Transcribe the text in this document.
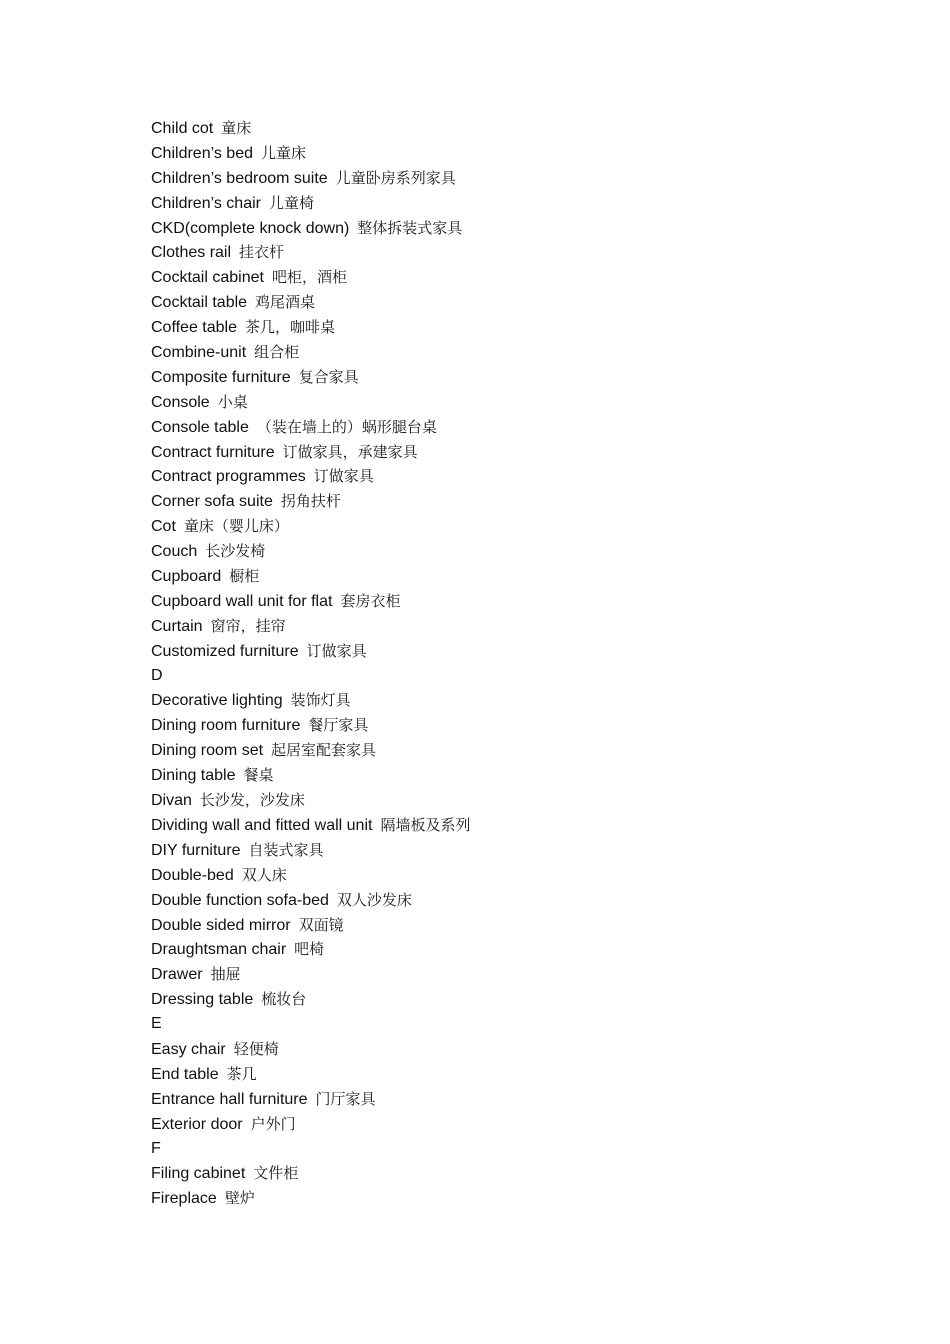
Child cot 童床
Children’s bed 儿童床
Children’s bedroom suite 儿童卧房系列家具
Children’s chair 儿童椅
CKD(complete knock down) 整体拆装式家具
Clothes rail 挂衣杆
Cocktail cabinet 吧柜，酒柜
Cocktail table 鸡尾酒桌
Coffee table 茶几，咖啡桌
Combine-unit 组合柜
Composite furniture 复合家具
Console 小桌
Console table （装在墙上的）蜗形腿台桌
Contract furniture 订做家具，承建家具
Contract programmes 订做家具
Corner sofa suite 拐角扶杆
Cot 童床（婴儿床）
Couch 长沙发椅
Cupboard 橱柜
Cupboard wall unit for flat 套房衣柜
Curtain 窗帘，挂帘
Customized furniture 订做家具
D
Decorative lighting 装饰灯具
Dining room furniture 餐厅家具
Dining room set 起居室配套家具
Dining table 餐桌
Divan 长沙发，沙发床
Dividing wall and fitted wall unit 隔墙板及系列
DIY furniture 自装式家具
Double-bed 双人床
Double function sofa-bed 双人沙发床
Double sided mirror 双面镜
Draughtsman chair 吧椅
Drawer 抽屉
Dressing table 梳妆台
E
Easy chair 轻便椅
End table 茶几
Entrance hall furniture 门厅家具
Exterior door 户外门
F
Filing cabinet 文件柜
Fireplace 壁炉
